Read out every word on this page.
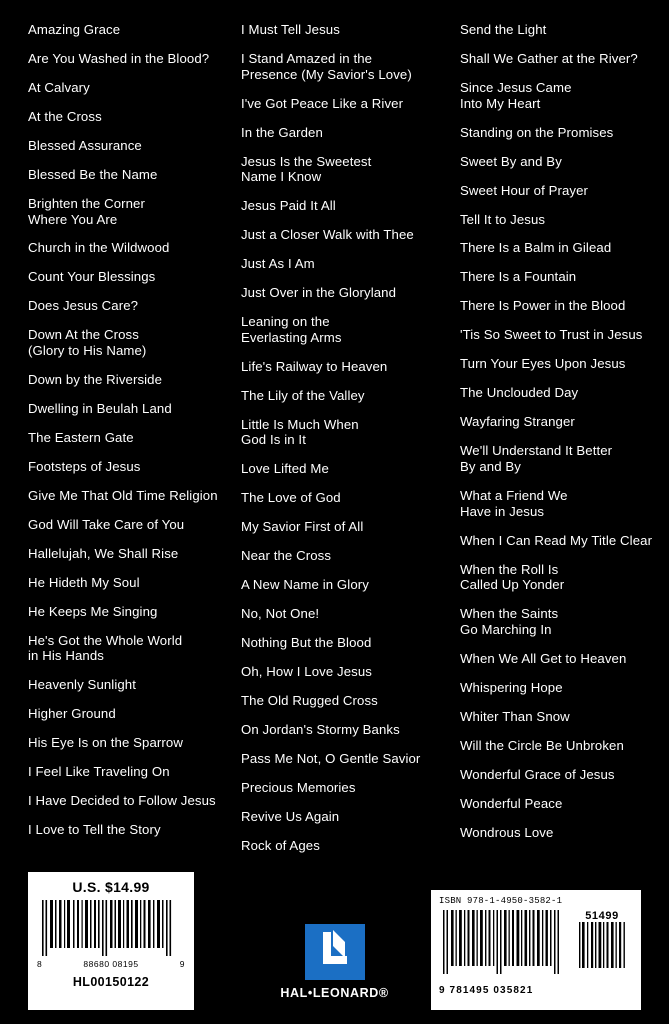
Amazing Grace
Are You Washed in the Blood?
At Calvary
At the Cross
Blessed Assurance
Blessed Be the Name
Brighten the Corner
Where You Are
Church in the Wildwood
Count Your Blessings
Does Jesus Care?
Down At the Cross
(Glory to His Name)
Down by the Riverside
Dwelling in Beulah Land
The Eastern Gate
Footsteps of Jesus
Give Me That Old Time Religion
God Will Take Care of You
Hallelujah, We Shall Rise
He Hideth My Soul
He Keeps Me Singing
He's Got the Whole World
in His Hands
Heavenly Sunlight
Higher Ground
His Eye Is on the Sparrow
I Feel Like Traveling On
I Have Decided to Follow Jesus
I Love to Tell the Story
I Must Tell Jesus
I Stand Amazed in the
Presence (My Savior's Love)
I've Got Peace Like a River
In the Garden
Jesus Is the Sweetest
Name I Know
Jesus Paid It All
Just a Closer Walk with Thee
Just As I Am
Just Over in the Gloryland
Leaning on the
Everlasting Arms
Life's Railway to Heaven
The Lily of the Valley
Little Is Much When
God Is in It
Love Lifted Me
The Love of God
My Savior First of All
Near the Cross
A New Name in Glory
No, Not One!
Nothing But the Blood
Oh, How I Love Jesus
The Old Rugged Cross
On Jordan's Stormy Banks
Pass Me Not, O Gentle Savior
Precious Memories
Revive Us Again
Rock of Ages
Send the Light
Shall We Gather at the River?
Since Jesus Came
Into My Heart
Standing on the Promises
Sweet By and By
Sweet Hour of Prayer
Tell It to Jesus
There Is a Balm in Gilead
There Is a Fountain
There Is Power in the Blood
'Tis So Sweet to Trust in Jesus
Turn Your Eyes Upon Jesus
The Unclouded Day
Wayfaring Stranger
We'll Understand It Better
By and By
What a Friend We
Have in Jesus
When I Can Read My Title Clear
When the Roll Is
Called Up Yonder
When the Saints
Go Marching In
When We All Get to Heaven
Whispering Hope
Whiter Than Snow
Will the Circle Be Unbroken
Wonderful Grace of Jesus
Wonderful Peace
Wondrous Love
U.S. $14.99
8	88680 08195	9
HL00150122
HAL•LEONARD®
ISBN 978-1-4950-3582-1
9 781495 035821
51499
